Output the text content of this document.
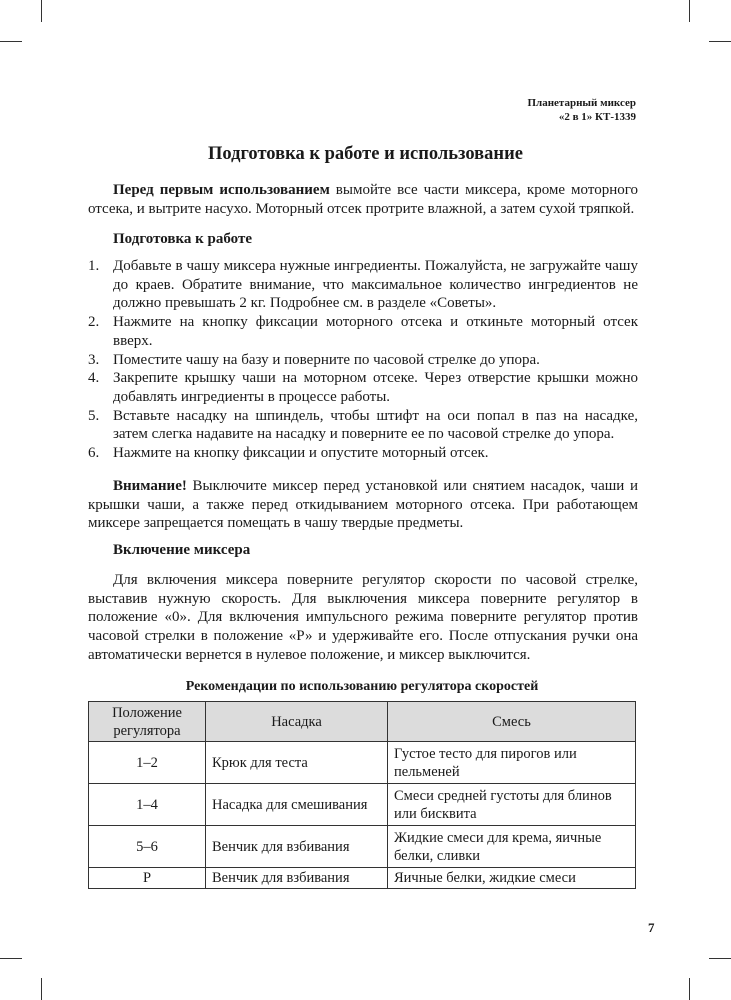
Планетарный миксер
«2 в 1» КТ-1339
Подготовка к работе и использование
Перед первым использованием вымойте все части миксера, кроме моторного отсека, и вытрите насухо. Моторный отсек протрите влажной, а затем сухой тряпкой.
Подготовка к работе
1. Добавьте в чашу миксера нужные ингредиенты. Пожалуйста, не загружайте чашу до краев. Обратите внимание, что максимальное количество ингредиентов не должно превышать 2 кг. Подробнее см. в разделе «Советы».
2. Нажмите на кнопку фиксации моторного отсека и откиньте моторный отсек вверх.
3. Поместите чашу на базу и поверните по часовой стрелке до упора.
4. Закрепите крышку чаши на моторном отсеке. Через отверстие крышки можно добавлять ингредиенты в процессе работы.
5. Вставьте насадку на шпиндель, чтобы штифт на оси попал в паз на насадке, затем слегка надавите на насадку и поверните ее по часовой стрелке до упора.
6. Нажмите на кнопку фиксации и опустите моторный отсек.
Внимание! Выключите миксер перед установкой или снятием насадок, чаши и крышки чаши, а также перед откидыванием моторного отсека. При работающем миксере запрещается помещать в чашу твердые предметы.
Включение миксера
Для включения миксера поверните регулятор скорости по часовой стрелке, выставив нужную скорость. Для выключения миксера поверните регулятор в положение «0». Для включения импульсного режима поверните регулятор против часовой стрелки в положение «Р» и удерживайте его. После отпускания ручки она автоматически вернется в нулевое положение, и миксер выключится.
Рекомендации по использованию регулятора скоростей
Положение регулятора	Насадка	Смесь
1–2	Крюк для теста	Густое тесто для пирогов или пельменей
1–4	Насадка для смешивания	Смеси средней густоты для блинов или бисквита
5–6	Венчик для взбивания	Жидкие смеси для крема, яичные белки, сливки
Р	Венчик для взбивания	Яичные белки, жидкие смеси
7
